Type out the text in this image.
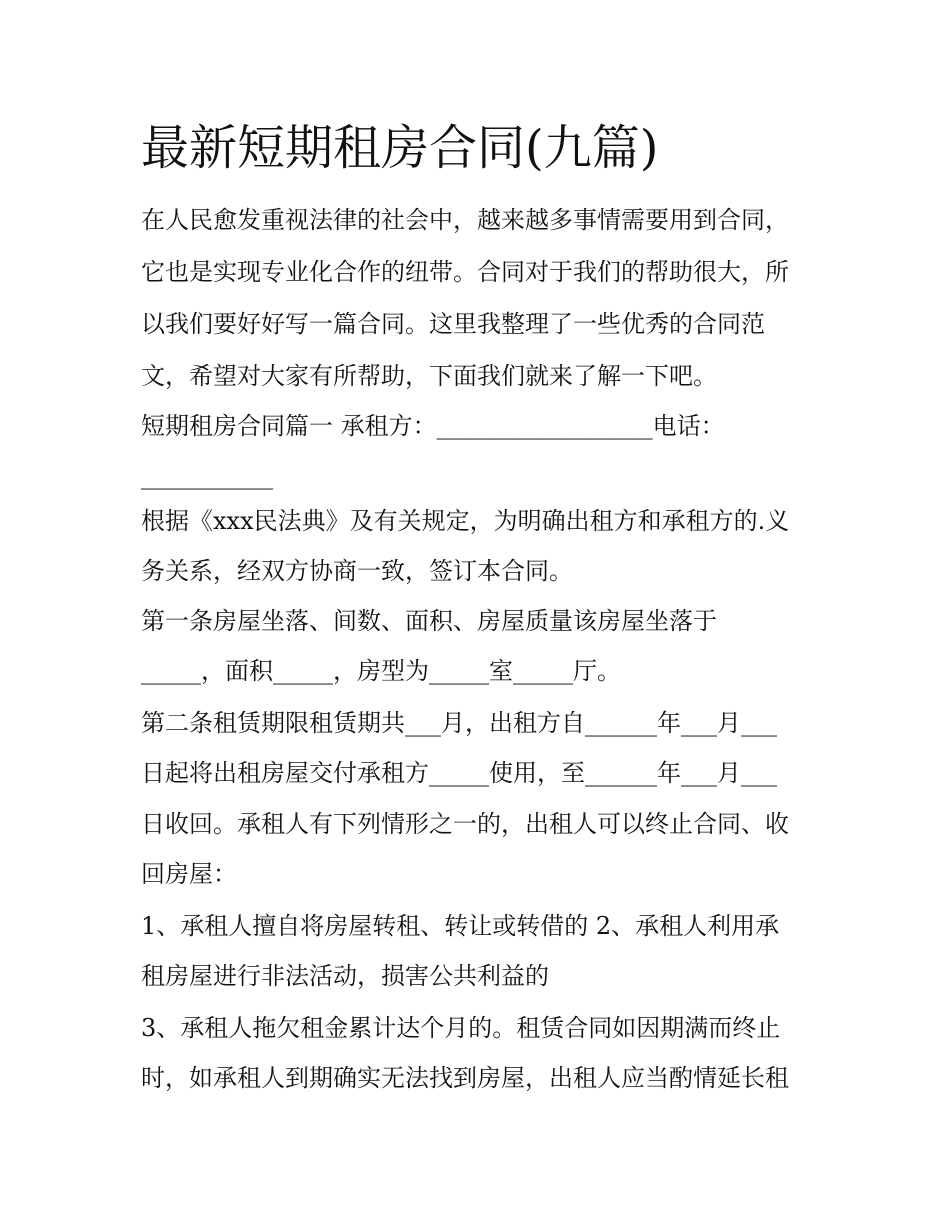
最新短期租房合同(九篇)

在人民愈发重视法律的社会中，越来越多事情需要用到合同，

它也是实现专业化合作的纽带。合同对于我们的帮助很大，所

以我们要好好写一篇合同。这里我整理了一些优秀的合同范

文，希望对大家有所帮助，下面我们就来了解一下吧。

短期租房合同篇一 承租方：__________________电话：

___________

根据《xxx民法典》及有关规定，为明确出租方和承租方的.义

务关系，经双方协商一致，签订本合同。

第一条房屋坐落、间数、面积、房屋质量该房屋坐落于

_____，面积_____，房型为_____室_____厅。

第二条租赁期限租赁期共___月，出租方自______年___月___

日起将出租房屋交付承租方_____使用，至______年___月___

日收回。承租人有下列情形之一的，出租人可以终止合同、收

回房屋：

1、承租人擅自将房屋转租、转让或转借的 2、承租人利用承

租房屋进行非法活动，损害公共利益的

3、承租人拖欠租金累计达个月的。租赁合同如因期满而终止

时，如承租人到期确实无法找到房屋，出租人应当酌情延长租
